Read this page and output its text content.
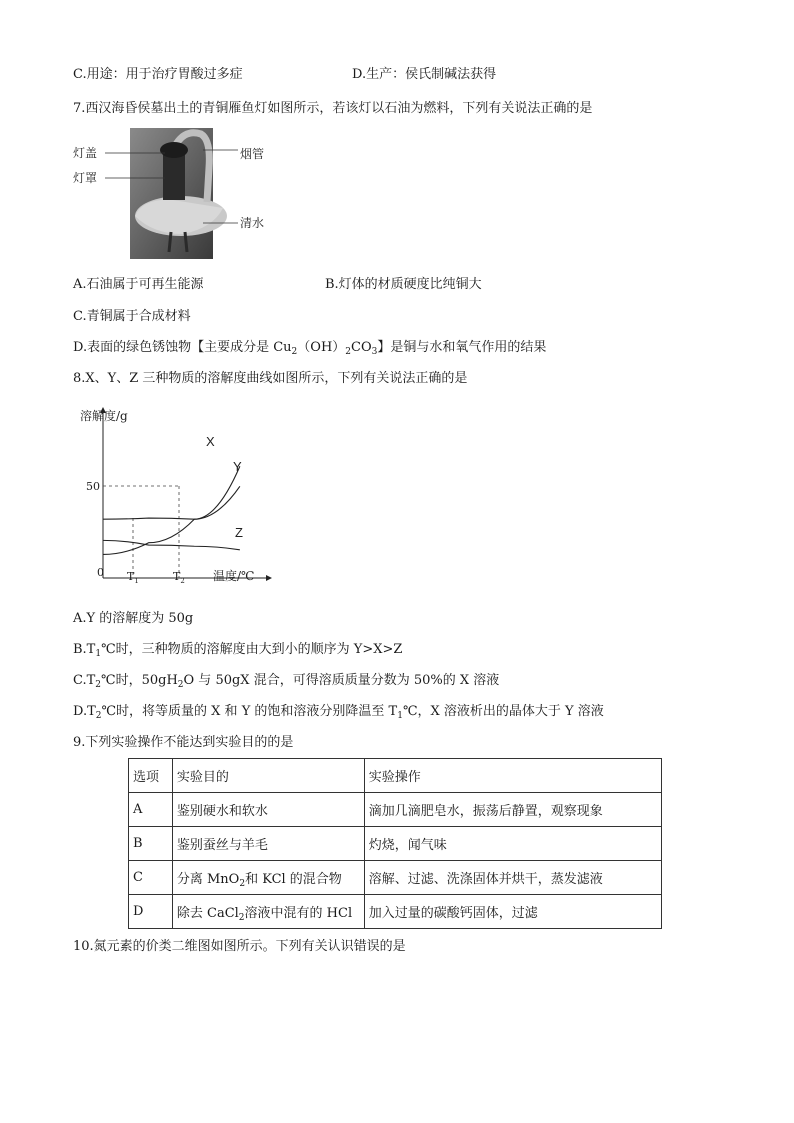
C.用途：用于治疗胃酸过多症	D.生产：侯氏制碱法获得
7.西汉海昏侯墓出土的青铜雁鱼灯如图所示，若该灯以石油为燃料，下列有关说法正确的是
灯盖
灯罩
烟管
清水
A.石油属于可再生能源	B.灯体的材质硬度比纯铜大
C.青铜属于合成材料
D.表面的绿色锈蚀物【主要成分是 $Cu_2(OH)_2CO_3$】是铜与水和氧气作用的结果
8.X、Y、Z 三种物质的溶解度曲线如图所示，下列有关说法正确的是
溶解度/g
温度/℃
0
50
$T_1$	$T_2$
X
Y
Z
A.Y 的溶解度为 50g
$B.T_1℃$时，三种物质的溶解度由大到小的顺序为 Y>X>Z
$C.T_2℃$时，$50gH_2O$ 与 50gX 混合，可得溶质质量分数为 50%的 X 溶液
$D.T_2℃$时，将等质量的 X 和 Y 的饱和溶液分别降温至 $T_1℃$，X 溶液析出的晶体大于 Y 溶液
9.下列实验操作不能达到实验目的的是
选项	实验目的	实验操作
A	鉴别硬水和软水	滴加几滴肥皂水，振荡后静置，观察现象
B	鉴别蚕丝与羊毛	灼烧，闻气味
C	分离 MnO$_2$和 KCl 的混合物	溶解、过滤、洗涤固体并烘干，蒸发滤液
D	除去 CaCl$_2$溶液中混有的 HCl	加入过量的碳酸钙固体，过滤
10.氮元素的价类二维图如图所示。下列有关认识错误的是
